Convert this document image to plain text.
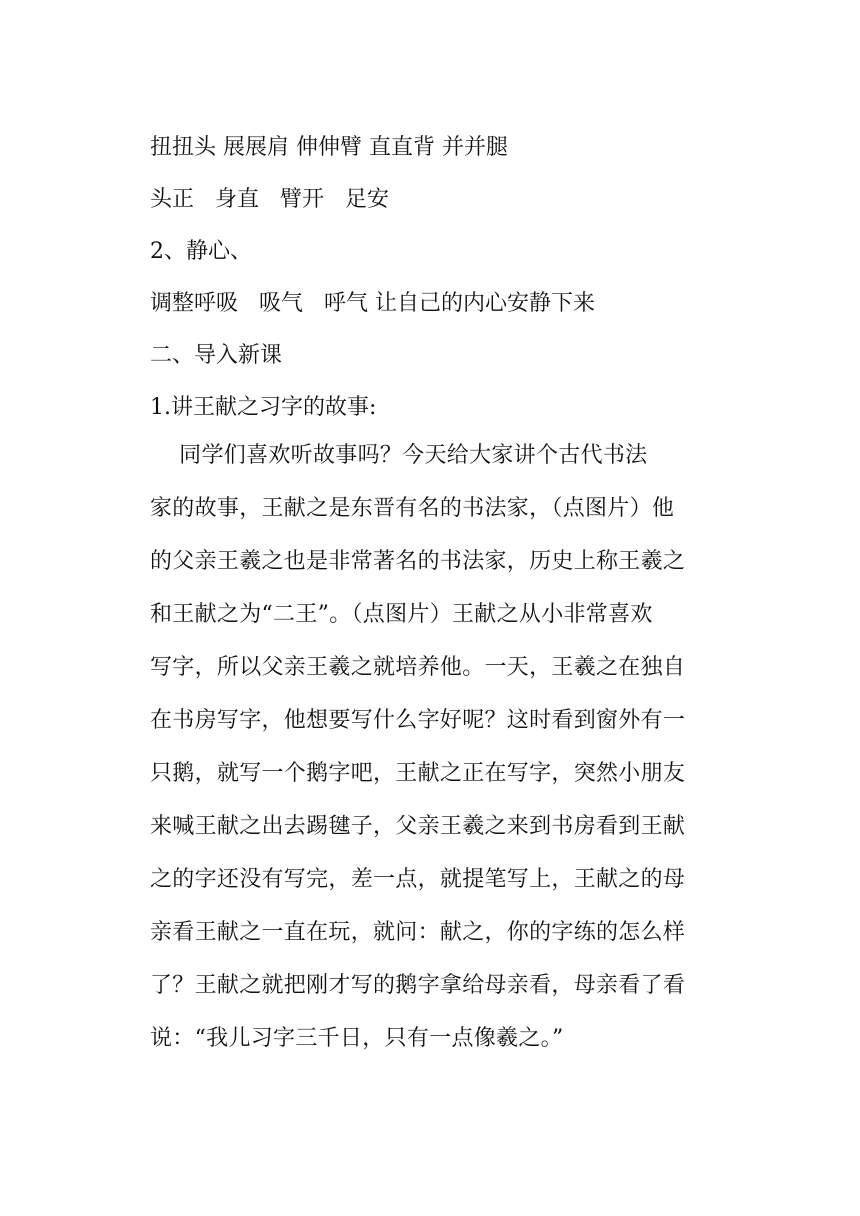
扭扭头 展展肩 伸伸臂 直直背 并并腿
头正   身直   臂开   足安
2、静心、
调整呼吸   吸气   呼气 让自己的内心安静下来
二、导入新课
1.讲王献之习字的故事:
同学们喜欢听故事吗？今天给大家讲个古代书法
家的故事，王献之是东晋有名的书法家，（点图片）他
的父亲王羲之也是非常著名的书法家，历史上称王羲之
和王献之为“二王”。（点图片）王献之从小非常喜欢
写字，所以父亲王羲之就培养他。一天，王羲之在独自
在书房写字，他想要写什么字好呢？这时看到窗外有一
只鹅，就写一个鹅字吧，王献之正在写字，突然小朋友
来喊王献之出去踢毽子，父亲王羲之来到书房看到王献
之的字还没有写完，差一点，就提笔写上，王献之的母
亲看王献之一直在玩，就问：献之，你的字练的怎么样
了？王献之就把刚才写的鹅字拿给母亲看，母亲看了看
说：“我儿习字三千日，只有一点像羲之。”
